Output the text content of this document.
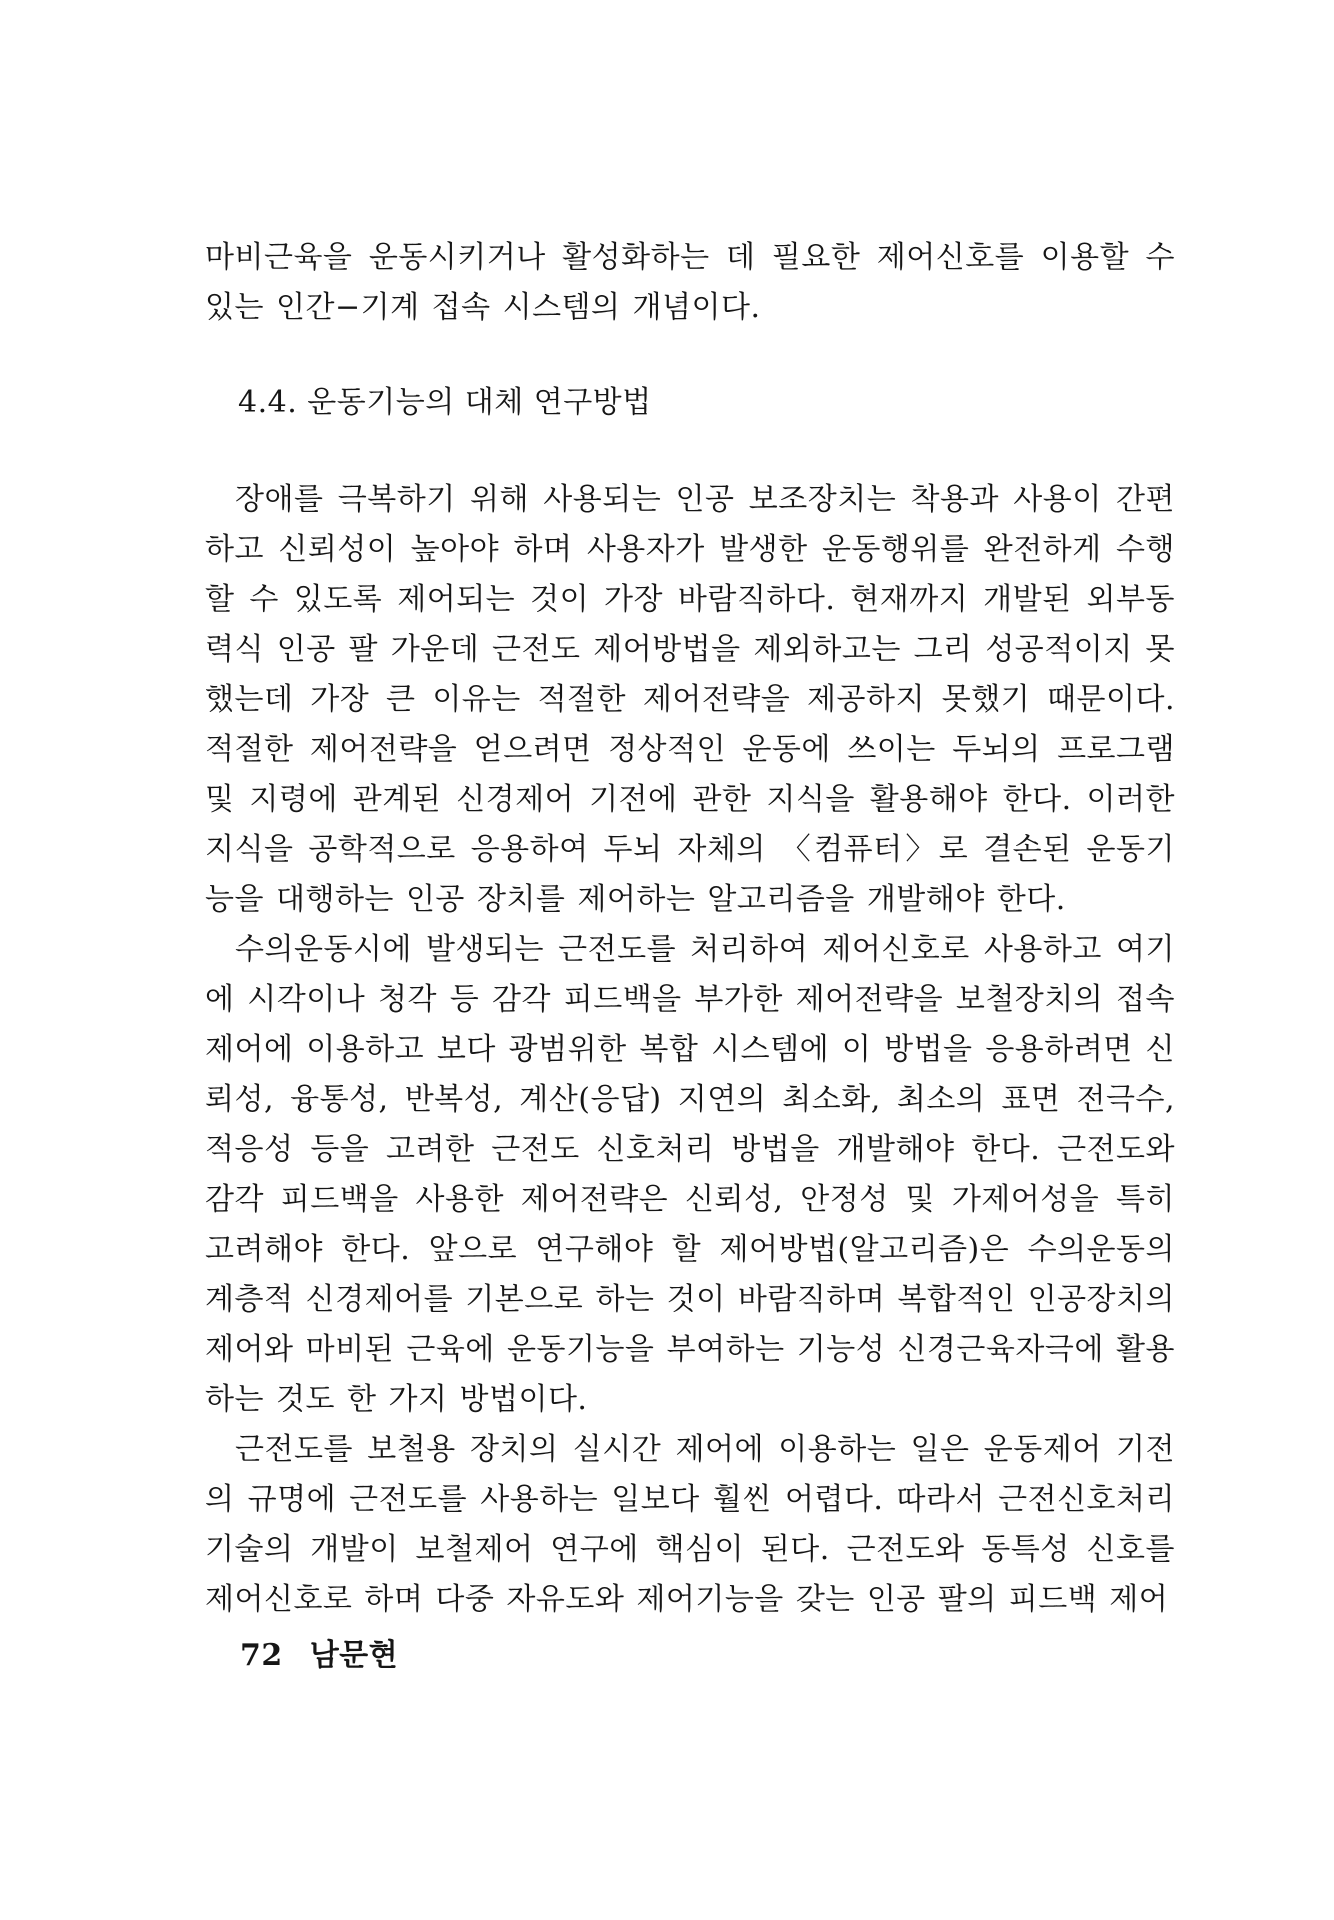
마비근육을 운동시키거나 활성화하는 데 필요한 제어신호를 이용할 수 있는 인간−기계 접속 시스템의 개념이다.

4.4. 운동기능의 대체 연구방법

장애를 극복하기 위해 사용되는 인공 보조장치는 착용과 사용이 간편하고 신뢰성이 높아야 하며 사용자가 발생한 운동행위를 완전하게 수행할 수 있도록 제어되는 것이 가장 바람직하다. 현재까지 개발된 외부동력식 인공 팔 가운데 근전도 제어방법을 제외하고는 그리 성공적이지 못했는데 가장 큰 이유는 적절한 제어전략을 제공하지 못했기 때문이다. 적절한 제어전략을 얻으려면 정상적인 운동에 쓰이는 두뇌의 프로그램 및 지령에 관계된 신경제어 기전에 관한 지식을 활용해야 한다. 이러한 지식을 공학적으로 응용하여 두뇌 자체의 〈컴퓨터〉로 결손된 운동기능을 대행하는 인공 장치를 제어하는 알고리즘을 개발해야 한다.

수의운동시에 발생되는 근전도를 처리하여 제어신호로 사용하고 여기에 시각이나 청각 등 감각 피드백을 부가한 제어전략을 보철장치의 접속제어에 이용하고 보다 광범위한 복합 시스템에 이 방법을 응용하려면 신뢰성, 융통성, 반복성, 계산(응답) 지연의 최소화, 최소의 표면 전극수, 적응성 등을 고려한 근전도 신호처리 방법을 개발해야 한다. 근전도와 감각 피드백을 사용한 제어전략은 신뢰성, 안정성 및 가제어성을 특히 고려해야 한다. 앞으로 연구해야 할 제어방법(알고리즘)은 수의운동의 계층적 신경제어를 기본으로 하는 것이 바람직하며 복합적인 인공장치의 제어와 마비된 근육에 운동기능을 부여하는 기능성 신경근육자극에 활용하는 것도 한 가지 방법이다.

근전도를 보철용 장치의 실시간 제어에 이용하는 일은 운동제어 기전의 규명에 근전도를 사용하는 일보다 훨씬 어렵다. 따라서 근전신호처리기술의 개발이 보철제어 연구에 핵심이 된다. 근전도와 동특성 신호를 제어신호로 하며 다중 자유도와 제어기능을 갖는 인공 팔의 피드백 제어

72 남문현
